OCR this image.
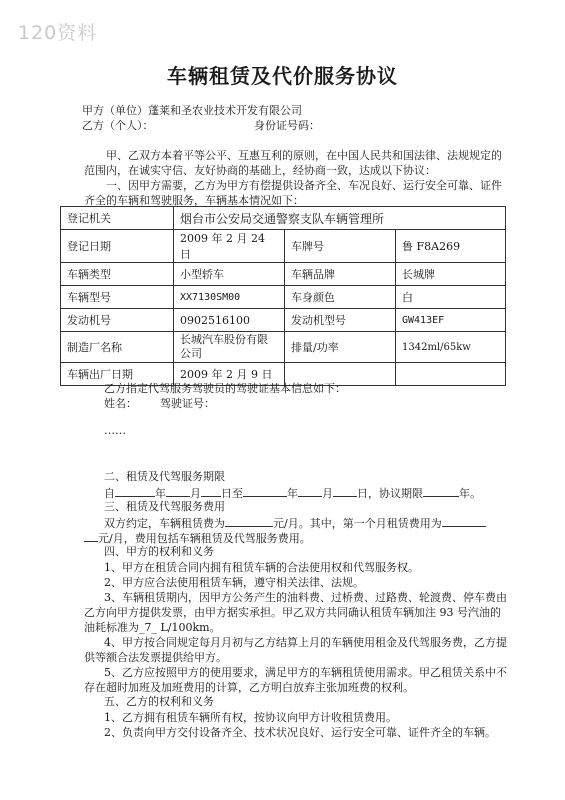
120资料
车辆租赁及代价服务协议
甲方（单位）蓬莱和圣农业技术开发有限公司
乙方（个人）：	身份证号码：
甲、乙双方本着平等公平、互惠互利的原则，在中国人民共和国法律、法规规定的范围内，在诚实守信、友好协商的基础上，经协商一致，达成以下协议：
一、因甲方需要，乙方为甲方有偿提供设备齐全、车况良好、运行安全可靠、证件齐全的车辆和驾驶服务，车辆基本情况如下：
登记机关	烟台市公安局交通警察支队车辆管理所		
登记日期	2009 年 2 月 24 日	车牌号	鲁 F8A269
车辆类型	小型轿车	车辆品牌	长城牌
车辆型号	XX7130SM00	车身颜色	白
发动机号	0902516100	发动机型号	GW413EF
制造厂名称	长城汽车股份有限公司	排量/功率	1342ml/65kw
车辆出厂日期	2009 年 2 月 9 日		
乙方指定代驾服务驾驶员的驾驶证基本信息如下：
姓名： 驾驶证号：
……
二、租赁及代驾服务期限
自	年 月 日至	年 月 日，协议期限	年。
三、租赁及代驾服务费用
双方约定，车辆租赁费为	元/月。其中，第一个月租赁费用为
元/月，费用包括车辆租赁及代驾服务费用。
四、甲方的权利和义务
1、甲方在租赁合同内拥有租赁车辆的合法使用权和代驾服务权。
2、甲方应合法使用租赁车辆，遵守相关法律、法规。
3、车辆租赁期内，因甲方公务产生的油料费、过桥费、过路费、轮渡费、停车费由乙方向甲方提供发票，由甲方据实承担。甲乙双方共同确认租赁车辆加注 93 号汽油的油耗标准为_7_ L/100km。
4、甲方按合同规定每月月初与乙方结算上月的车辆使用租金及代驾服务费，乙方提供等额合法发票提供给甲方。
5、乙方应按照甲方的使用要求，满足甲方的车辆租赁使用需求。甲乙租赁关系中不存在超时加班及加班费用的计算，乙方明白放弃主张加班费的权利。
五、乙方的权利和义务
1、乙方拥有租赁车辆所有权，按协议向甲方计收租赁费用。
2、负责向甲方交付设备齐全、技术状况良好、运行安全可靠、证件齐全的车辆。
